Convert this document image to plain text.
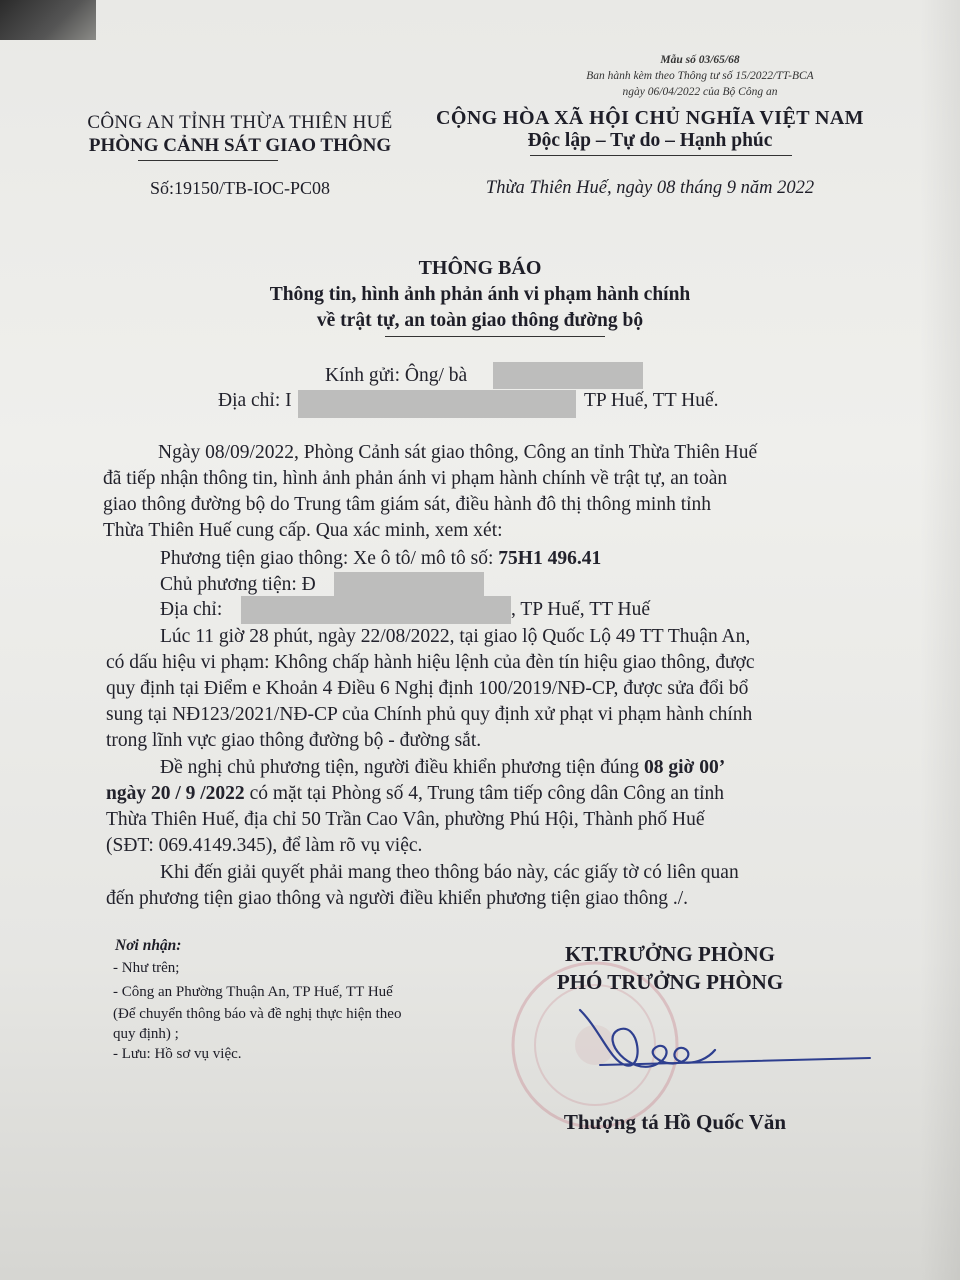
Mẫu số 03/65/68
Ban hành kèm theo Thông tư số 15/2022/TT-BCA
ngày 06/04/2022 của Bộ Công an
CÔNG AN TỈNH THỪA THIÊN HUẾ
PHÒNG CẢNH SÁT GIAO THÔNG
Số:19150/TB-IOC-PC08
CỘNG HÒA XÃ HỘI CHỦ NGHĨA VIỆT NAM
Độc lập – Tự do – Hạnh phúc
Thừa Thiên Huế, ngày 08 tháng 9 năm 2022
THÔNG BÁO
Thông tin, hình ảnh phản ánh vi phạm hành chính
về trật tự, an toàn giao thông đường bộ
Kính gửi: Ông/ bà
Địa chỉ: I	TP Huế, TT Huế.
Ngày 08/09/2022, Phòng Cảnh sát giao thông, Công an tỉnh Thừa Thiên Huế
đã tiếp nhận thông tin, hình ảnh phản ánh vi phạm hành chính về trật tự, an toàn
giao thông đường bộ do Trung tâm giám sát, điều hành đô thị thông minh tỉnh
Thừa Thiên Huế cung cấp. Qua xác minh, xem xét:
Phương tiện giao thông: Xe ô tô/ mô tô số: 75H1 496.41
Chủ phương tiện: Đ
Địa chỉ:	, TP Huế, TT Huế
Lúc 11 giờ 28 phút, ngày 22/08/2022, tại giao lộ Quốc Lộ 49 TT Thuận An,
có dấu hiệu vi phạm: Không chấp hành hiệu lệnh của đèn tín hiệu giao thông, được
quy định tại Điểm e Khoản 4 Điều 6 Nghị định 100/2019/NĐ-CP, được sửa đổi bổ
sung tại NĐ123/2021/NĐ-CP của Chính phủ quy định xử phạt vi phạm hành chính
trong lĩnh vực giao thông đường bộ - đường sắt.
Đề nghị chủ phương tiện, người điều khiển phương tiện đúng 08 giờ 00’
ngày 20 / 9 /2022 có mặt tại Phòng số 4, Trung tâm tiếp công dân Công an tỉnh
Thừa Thiên Huế, địa chỉ 50 Trần Cao Vân, phường Phú Hội, Thành phố Huế
(SĐT: 069.4149.345), để làm rõ vụ việc.
Khi đến giải quyết phải mang theo thông báo này, các giấy tờ có liên quan
đến phương tiện giao thông và người điều khiển phương tiện giao thông ./.
Nơi nhận:
- Như trên;
- Công an Phường Thuận An, TP Huế, TT Huế
(Để chuyển thông báo và đề nghị thực hiện theo
quy định) ;
- Lưu: Hồ sơ vụ việc.
KT.TRƯỞNG PHÒNG
PHÓ TRƯỞNG PHÒNG
Thượng tá Hồ Quốc Văn
